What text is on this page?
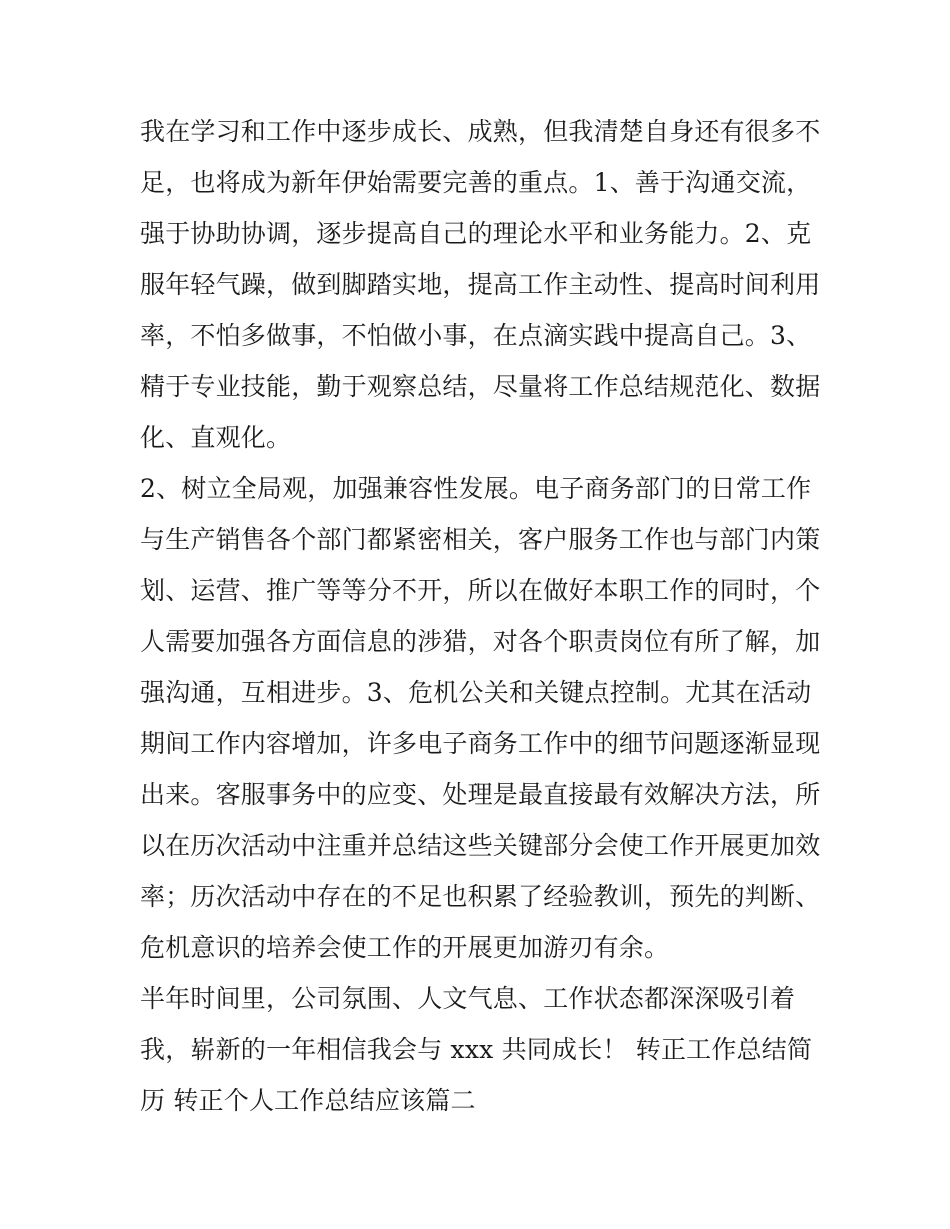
我在学习和工作中逐步成长、成熟，但我清楚自身还有很多不
足，也将成为新年伊始需要完善的重点。1、善于沟通交流，
强于协助协调，逐步提高自己的理论水平和业务能力。2、克
服年轻气躁，做到脚踏实地，提高工作主动性、提高时间利用
率，不怕多做事，不怕做小事，在点滴实践中提高自己。3、
精于专业技能，勤于观察总结，尽量将工作总结规范化、数据
化、直观化。
2、树立全局观，加强兼容性发展。电子商务部门的日常工作
与生产销售各个部门都紧密相关，客户服务工作也与部门内策
划、运营、推广等等分不开，所以在做好本职工作的同时，个
人需要加强各方面信息的涉猎，对各个职责岗位有所了解，加
强沟通，互相进步。3、危机公关和关键点控制。尤其在活动
期间工作内容增加，许多电子商务工作中的细节问题逐渐显现
出来。客服事务中的应变、处理是最直接最有效解决方法，所
以在历次活动中注重并总结这些关键部分会使工作开展更加效
率；历次活动中存在的不足也积累了经验教训，预先的判断、
危机意识的培养会使工作的开展更加游刃有余。
半年时间里，公司氛围、人文气息、工作状态都深深吸引着
我，崭新的一年相信我会与 xxx 共同成长！ 转正工作总结简
历 转正个人工作总结应该篇二
